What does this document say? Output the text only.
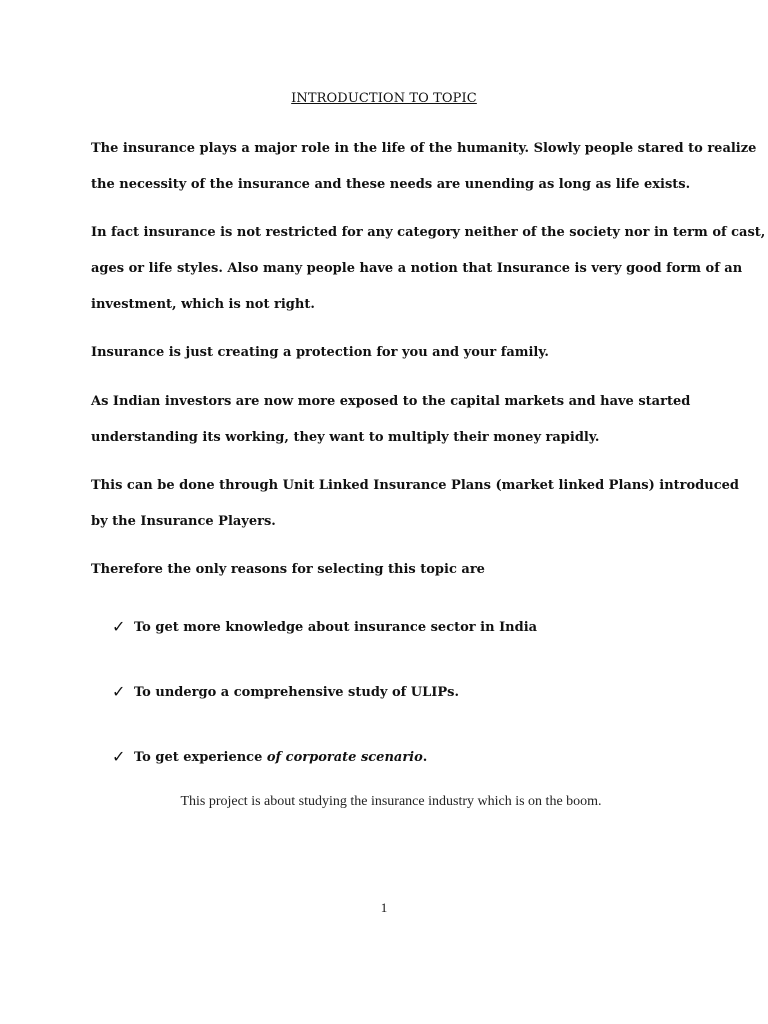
INTRODUCTION TO TOPIC
The insurance plays a major role in the life of the humanity. Slowly people stared to realize
the necessity of the insurance and these needs are unending as long as life exists.
In fact insurance is not restricted for any category neither of the society nor in term of cast,
ages or life styles. Also many people have a notion that Insurance is very good form of an
investment, which is not right.
Insurance is just creating a protection for you and your family.
As Indian investors are now more exposed to the capital markets and have started
understanding its working, they want to multiply their money rapidly.
This can be done through Unit Linked Insurance Plans (market linked Plans) introduced
by the Insurance Players.
Therefore the only reasons for selecting this topic are
✓ To get more knowledge about insurance sector in India
✓ To undergo a comprehensive study of ULIPs.
✓ To get experience of corporate scenario.
This project is about studying the insurance industry which is on the boom.
1
